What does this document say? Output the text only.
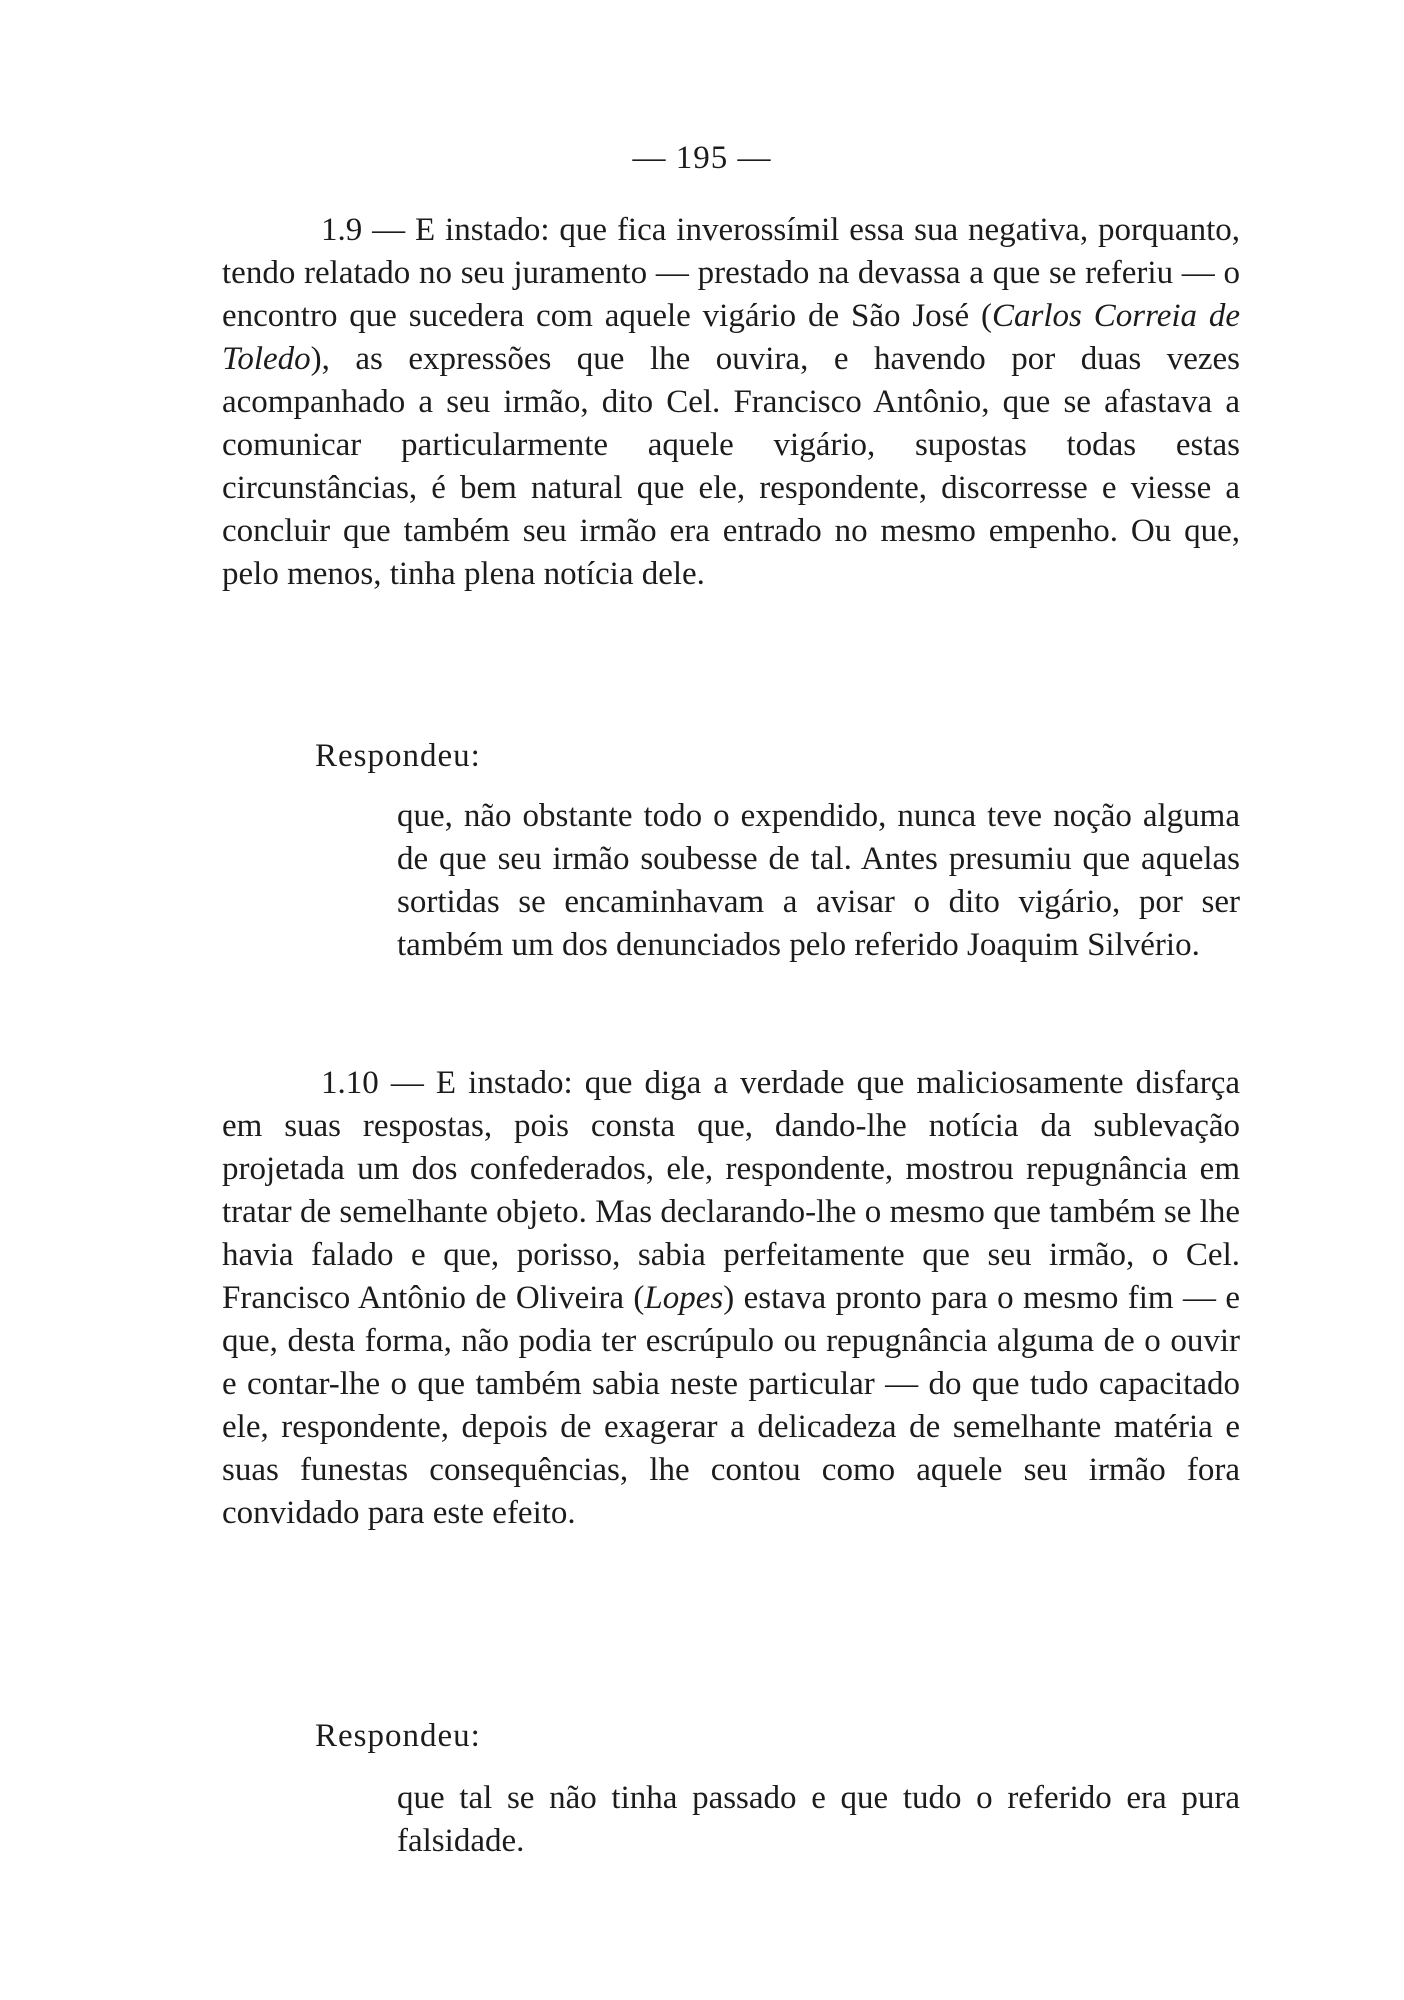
— 195 —

1.9 — E instado: que fica inverossímil essa sua negativa, porquanto, tendo relatado no seu juramento — prestado na devassa a que se referiu — o encontro que sucedera com aquele vigário de São José (Carlos Correia de Toledo), as expressões que lhe ouvira, e havendo por duas vezes acompanhado a seu irmão, dito Cel. Francisco Antônio, que se afastava a comunicar particularmente aquele vigário, supostas todas estas circunstâncias, é bem natural que ele, respondente, discorresse e viesse a concluir que também seu irmão era entrado no mesmo empenho. Ou que, pelo menos, tinha plena notícia dele.

Respondeu:

que, não obstante todo o expendido, nunca teve noção alguma de que seu irmão soubesse de tal. Antes presumiu que aquelas sortidas se encaminhavam a avisar o dito vigário, por ser também um dos denunciados pelo referido Joaquim Silvério.

1.10 — E instado: que diga a verdade que maliciosamente disfarça em suas respostas, pois consta que, dando-lhe notícia da sublevação projetada um dos confederados, ele, respondente, mostrou repugnância em tratar de semelhante objeto. Mas declarando-lhe o mesmo que também se lhe havia falado e que, porisso, sabia perfeitamente que seu irmão, o Cel. Francisco Antônio de Oliveira (Lopes) estava pronto para o mesmo fim — e que, desta forma, não podia ter escrúpulo ou repugnância alguma de o ouvir e contar-lhe o que também sabia neste particular — do que tudo capacitado ele, respondente, depois de exagerar a delicadeza de semelhante matéria e suas funestas consequências, lhe contou como aquele seu irmão fora convidado para este efeito.

Respondeu:

que tal se não tinha passado e que tudo o referido era pura falsidade.
